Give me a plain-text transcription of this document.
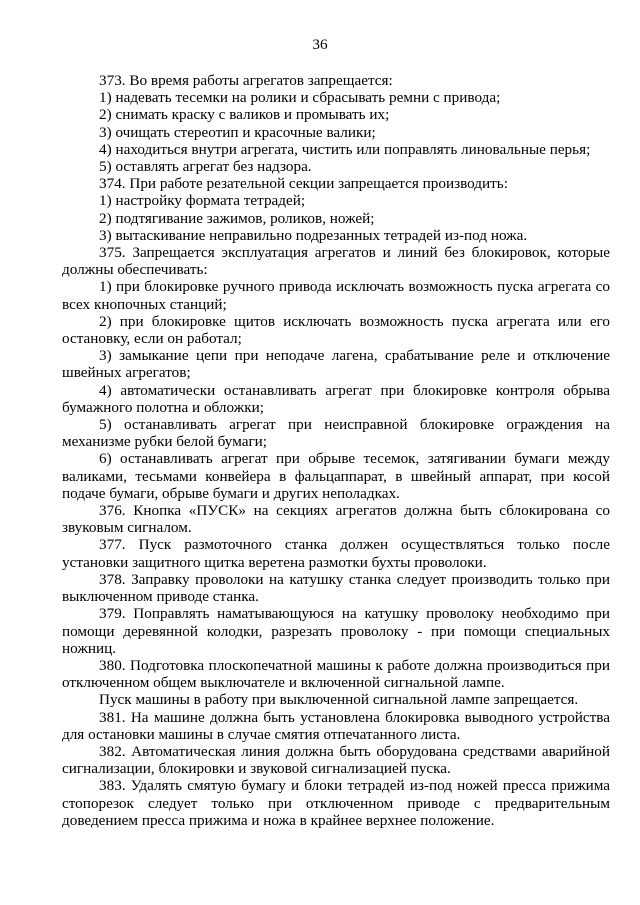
36

373. Во время работы агрегатов запрещается:

1) надевать тесемки на ролики и сбрасывать ремни с привода;

2) снимать краску с валиков и промывать их;

3) очищать стереотип и красочные валики;

4) находиться внутри агрегата, чистить или поправлять линовальные перья;

5) оставлять агрегат без надзора.

374. При работе резательной секции запрещается производить:

1) настройку формата тетрадей;

2) подтягивание зажимов, роликов, ножей;

3) вытаскивание неправильно подрезанных тетрадей из-под ножа.

375. Запрещается эксплуатация агрегатов и линий без блокировок, которые должны обеспечивать:

1) при блокировке ручного привода исключать возможность пуска агрегата со всех кнопочных станций;

2) при блокировке щитов исключать возможность пуска агрегата или его остановку, если он работал;

3) замыкание цепи при неподаче лагена, срабатывание реле и отключение швейных агрегатов;

4) автоматически останавливать агрегат при блокировке контроля обрыва бумажного полотна и обложки;

5) останавливать агрегат при неисправной блокировке ограждения на механизме рубки белой бумаги;

6) останавливать агрегат при обрыве тесемок, затягивании бумаги между валиками, тесьмами конвейера в фальцаппарат, в швейный аппарат, при косой подаче бумаги, обрыве бумаги и других неполадках.

376. Кнопка «ПУСК» на секциях агрегатов должна быть сблокирована со звуковым сигналом.

377. Пуск размоточного станка должен осуществляться только после установки защитного щитка веретена размотки бухты проволоки.

378. Заправку проволоки на катушку станка следует производить только при выключенном приводе станка.

379. Поправлять наматывающуюся на катушку проволоку необходимо при помощи деревянной колодки, разрезать проволоку - при помощи специальных ножниц.

380. Подготовка плоскопечатной машины к работе должна производиться при отключенном общем выключателе и включенной сигнальной лампе.

Пуск машины в работу при выключенной сигнальной лампе запрещается.

381. На машине должна быть установлена блокировка выводного устройства для остановки машины в случае смятия отпечатанного листа.

382. Автоматическая линия должна быть оборудована средствами аварийной сигнализации, блокировки и звуковой сигнализацией пуска.

383. Удалять смятую бумагу и блоки тетрадей из-под ножей пресса прижима стопорезок следует только при отключенном приводе с предварительным доведением пресса прижима и ножа в крайнее верхнее положение.
